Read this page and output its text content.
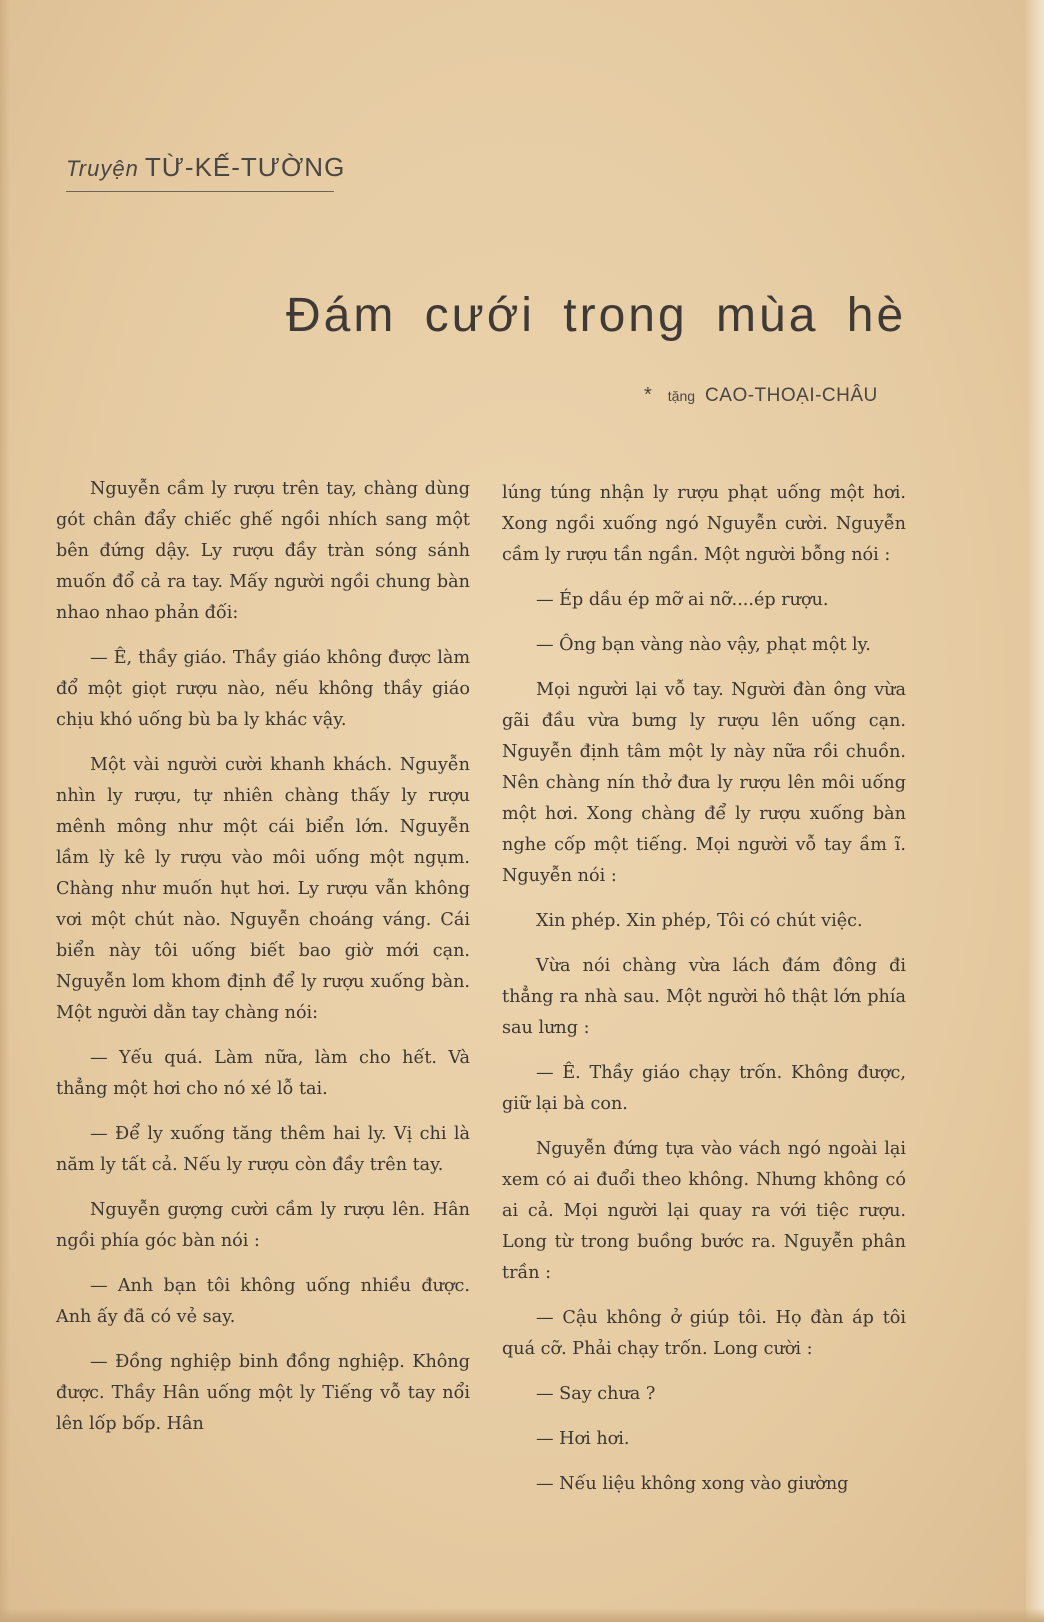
Truyện TỪ-KẾ-TƯỜNG
Đám cưới trong mùa hè
* tặng CAO-THOẠI-CHÂU

Nguyễn cầm ly rượu trên tay, chàng dùng gót chân đẩy chiếc ghế ngồi nhích sang một bên đứng dậy. Ly rượu đầy tràn sóng sánh muốn đổ cả ra tay. Mấy người ngồi chung bàn nhao nhao phản đối:

— Ê, thầy giáo. Thầy giáo không được làm đổ một giọt rượu nào, nếu không thầy giáo chịu khó uống bù ba ly khác vậy.

Một vài người cười khanh khách. Nguyễn nhìn ly rượu, tự nhiên chàng thấy ly rượu mênh mông như một cái biển lớn. Nguyễn lầm lỳ kê ly rượu vào môi uống một ngụm. Chàng như muốn hụt hơi. Ly rượu vẫn không vơi một chút nào. Nguyễn choáng váng. Cái biển này tôi uống biết bao giờ mới cạn. Nguyễn lom khom định để ly rượu xuống bàn. Một người dằn tay chàng nói:

— Yếu quá. Làm nữa, làm cho hết. Và thẳng một hơi cho nó xé lỗ tai.

— Để ly xuống tăng thêm hai ly. Vị chi là năm ly tất cả. Nếu ly rượu còn đầy trên tay.

Nguyễn gượng cười cầm ly rượu lên. Hân ngồi phía góc bàn nói :

— Anh bạn tôi không uống nhiều được. Anh ấy đã có vẻ say.

— Đồng nghiệp binh đồng nghiệp. Không được. Thầy Hân uống một ly Tiếng vỗ tay nổi lên lốp bốp. Hân

lúng túng nhận ly rượu phạt uống một hơi. Xong ngồi xuống ngó Nguyễn cười. Nguyễn cầm ly rượu tần ngần. Một người bỗng nói :

— Ép dầu ép mỡ ai nỡ....ép rượu.

— Ông bạn vàng nào vậy, phạt một ly.

Mọi người lại vỗ tay. Người đàn ông vừa gãi đầu vừa bưng ly rượu lên uống cạn. Nguyễn định tâm một ly này nữa rồi chuồn. Nên chàng nín thở đưa ly rượu lên môi uống một hơi. Xong chàng để ly rượu xuống bàn nghe cốp một tiếng. Mọi người vỗ tay ầm ĩ. Nguyễn nói :

Xin phép. Xin phép, Tôi có chút việc.

Vừa nói chàng vừa lách đám đông đi thẳng ra nhà sau. Một người hô thật lớn phía sau lưng :

— Ê. Thầy giáo chạy trốn. Không được, giữ lại bà con.

Nguyễn đứng tựa vào vách ngó ngoài lại xem có ai đuổi theo không. Nhưng không có ai cả. Mọi người lại quay ra với tiệc rượu. Long từ trong buồng bước ra. Nguyễn phân trần :

— Cậu không ở giúp tôi. Họ đàn áp tôi quá cỡ. Phải chạy trốn. Long cười :

— Say chưa ?

— Hơi hơi.

— Nếu liệu không xong vào giường
